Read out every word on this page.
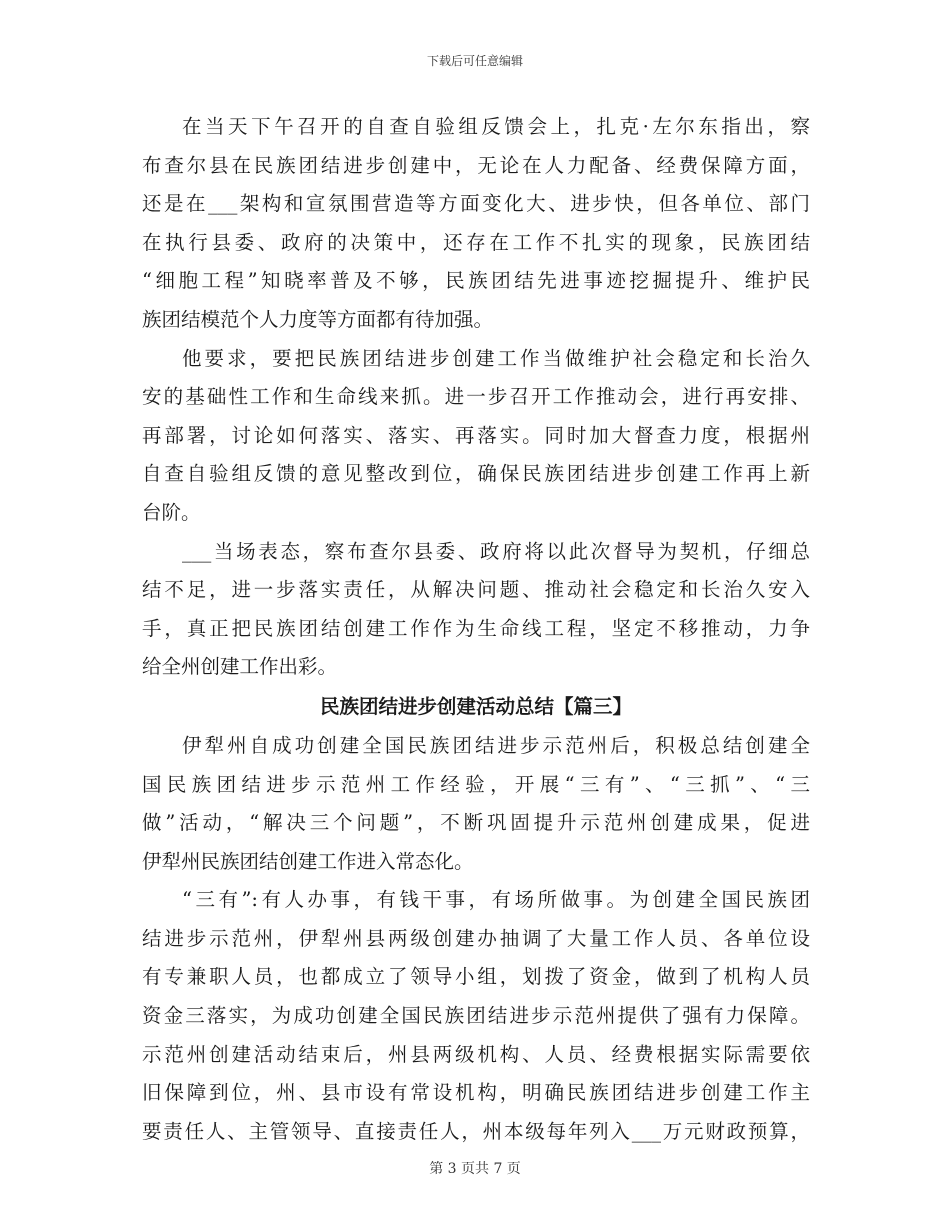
下载后可任意编辑
在当天下午召开的自查自验组反馈会上，扎克·左尔东指出，察
布查尔县在民族团结进步创建中，无论在人力配备、经费保障方面，
还是在___架构和宣氛围营造等方面变化大、进步快，但各单位、部门
在执行县委、政府的决策中，还存在工作不扎实的现象，民族团结
“细胞工程”知晓率普及不够，民族团结先进事迹挖掘提升、维护民
族团结模范个人力度等方面都有待加强。
他要求，要把民族团结进步创建工作当做维护社会稳定和长治久
安的基础性工作和生命线来抓。进一步召开工作推动会，进行再安排、
再部署，讨论如何落实、落实、再落实。同时加大督查力度，根据州
自查自验组反馈的意见整改到位，确保民族团结进步创建工作再上新
台阶。
___当场表态，察布查尔县委、政府将以此次督导为契机，仔细总
结不足，进一步落实责任，从解决问题、推动社会稳定和长治久安入
手，真正把民族团结创建工作作为生命线工程，坚定不移推动，力争
给全州创建工作出彩。
民族团结进步创建活动总结【篇三】
伊犁州自成功创建全国民族团结进步示范州后，积极总结创建全
国民族团结进步示范州工作经验，开展“三有”、“三抓”、“三
做”活动，“解决三个问题”，不断巩固提升示范州创建成果，促进
伊犁州民族团结创建工作进入常态化。
“三有”:有人办事，有钱干事，有场所做事。为创建全国民族团
结进步示范州，伊犁州县两级创建办抽调了大量工作人员、各单位设
有专兼职人员，也都成立了领导小组，划拨了资金，做到了机构人员
资金三落实，为成功创建全国民族团结进步示范州提供了强有力保障。
示范州创建活动结束后，州县两级机构、人员、经费根据实际需要依
旧保障到位，州、县市设有常设机构，明确民族团结进步创建工作主
要责任人、主管领导、直接责任人，州本级每年列入___万元财政预算，
第 3 页共 7 页
